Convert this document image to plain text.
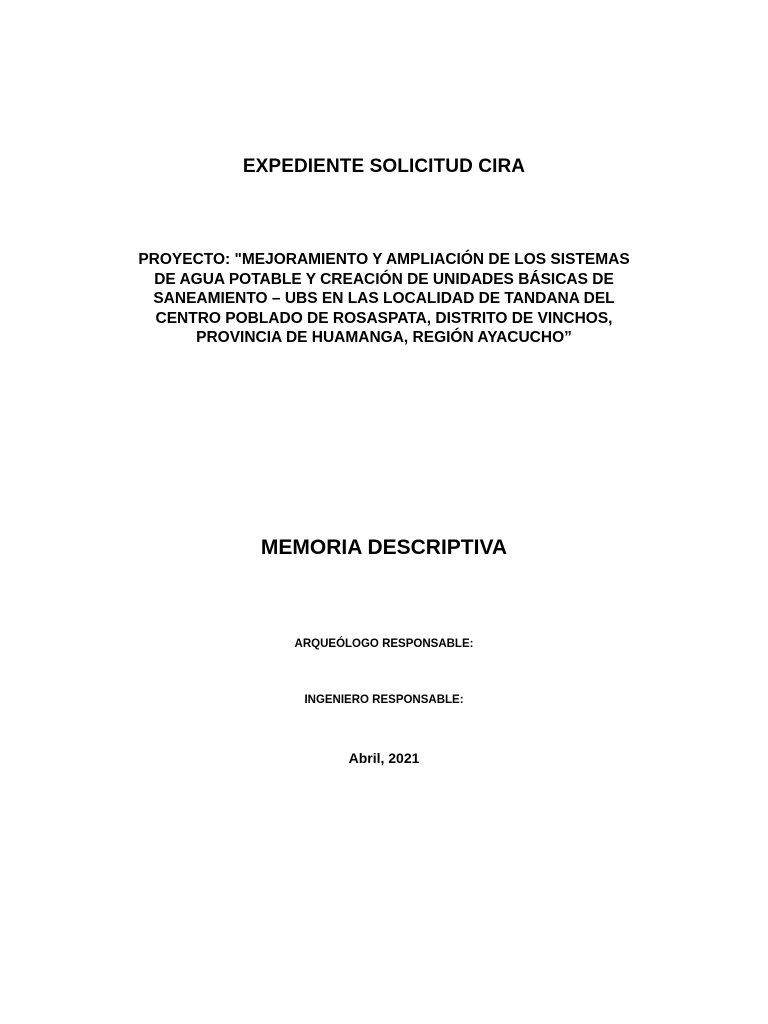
EXPEDIENTE SOLICITUD CIRA
PROYECTO: "MEJORAMIENTO Y AMPLIACIÓN DE LOS SISTEMAS
DE AGUA POTABLE Y CREACIÓN DE UNIDADES BÁSICAS DE
SANEAMIENTO – UBS EN LAS LOCALIDAD DE TANDANA DEL
CENTRO POBLADO DE ROSASPATA, DISTRITO DE VINCHOS,
PROVINCIA DE HUAMANGA, REGIÓN AYACUCHO”
MEMORIA DESCRIPTIVA
ARQUEÓLOGO RESPONSABLE:
INGENIERO RESPONSABLE:
Abril, 2021
